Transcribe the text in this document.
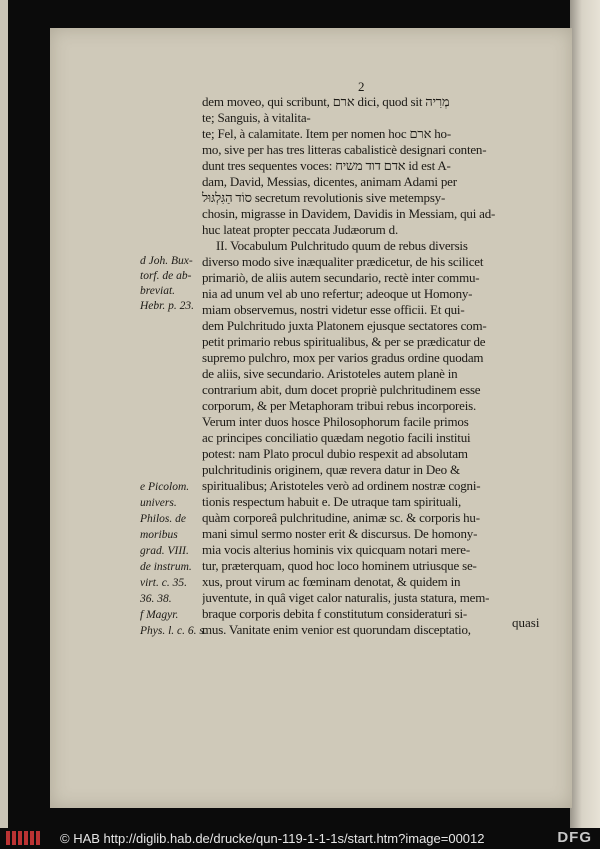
2
dem moveo, qui scribunt, ארם dici, quod sit מְרִיה
te; Sanguis, à vitalita-
te; Fel, à calamitate. Item per nomen hoc ארם ho-
mo, sive per has tres litteras cabalisticè designari conten-
dunt tres sequentes voces: אדם דוד משיח id est A-
dam, David, Messias, dicentes, animam Adami per
סוֹד הַגִּלְגּוּל secretum revolutionis sive metempsy-
chosin, migrasse in Davidem, Davidis in Messiam, qui ad-
huc lateat propter peccata Judæorum d.
II. Vocabulum Pulchritudo quum de rebus diversis
diverso modo sive inæqualiter prædicetur, de his scilicet
primariò, de aliis autem secundario, rectè inter commu-
nia ad unum vel ab uno refertur; adeoque ut Homony-
miam observemus, nostri videtur esse officii. Et qui-
dem Pulchritudo juxta Platonem ejusque sectatores com-
petit primario rebus spiritualibus, & per se prædicatur de
supremo pulchro, mox per varios gradus ordine quodam
de aliis, sive secundario. Aristoteles autem planè in
contrarium abit, dum docet propriè pulchritudinem esse
corporum, & per Metaphoram tribui rebus incorporeis.
Verum inter duos hosce Philosophorum facile primos
ac principes conciliatio quædam negotio facili institui
potest: nam Plato procul dubio respexit ad absolutam
pulchritudinis originem, quæ revera datur in Deo &
spiritualibus; Aristoteles verò ad ordinem nostræ cogni-
tionis respectum habuit e. De utraque tam spirituali,
quàm corporeâ pulchritudine, animæ sc. & corporis hu-
mani simul sermo noster erit & discursus. De homony-
mia vocis alterius hominis vix quicquam notari mere-
tur, præterquam, quod hoc loco hominem utriusque se-
xus, prout virum ac fœminam denotat, & quidem in
juventute, in quâ viget calor naturalis, justa statura, mem-
braque corporis debita f constitutum consideraturi si-
mus. Vanitate enim venior est quorundam disceptatio,
d Joh. Bux-
torf. de ab-
breviat.
Hebr. p. 23.
e Picolom.
univers.
Philos. de
moribus
grad. VIII.
de instrum.
virt. c. 35.
36. 38.
f Magyr.
Phys. l. c. 6. s.
quasi
© HAB http://diglib.hab.de/drucke/qun-119-1-1-1s/start.htm?image=00012	DFG
